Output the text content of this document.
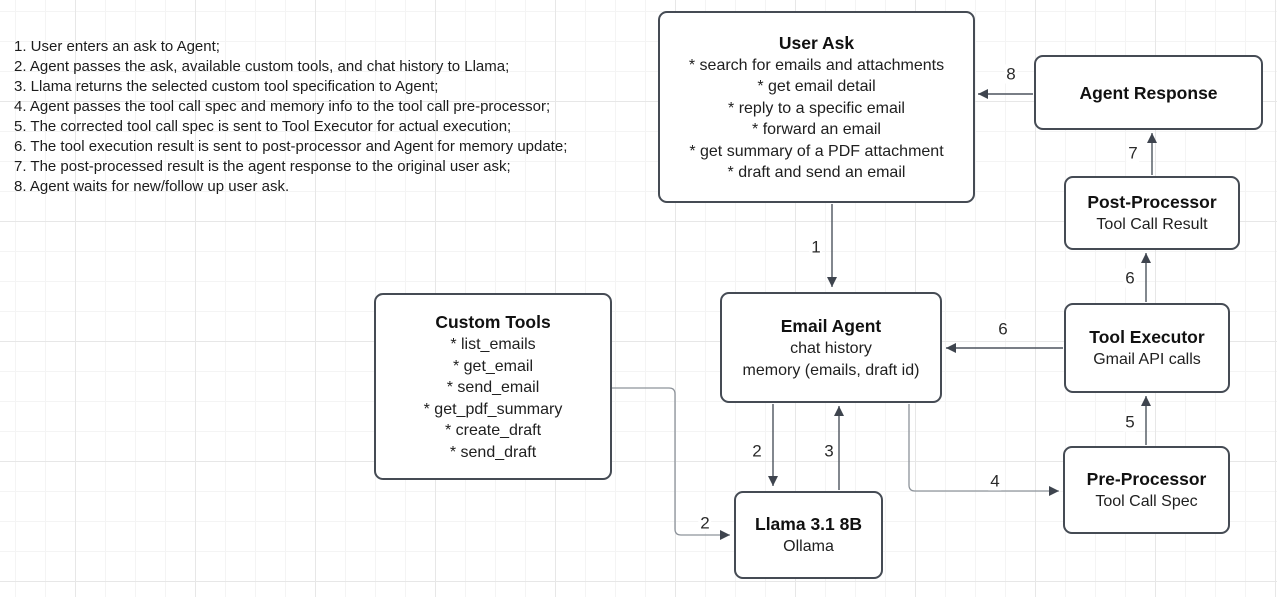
1. User enters an ask to Agent;
2. Agent passes the ask, available custom tools, and chat history to Llama;
3. Llama returns the selected custom tool specification to Agent;
4. Agent passes the tool call spec and memory info to the tool call pre-processor;
5. The corrected tool call spec is sent to Tool Executor for actual execution;
6. The tool execution result is sent to post-processor and Agent for memory update;
7. The post-processed result is the agent response to the original user ask;
8. Agent waits for new/follow up user ask.
1
2
2
3
4
5
6
6
7
8
User Ask
* search for emails and attachments
* get email detail
* reply to a specific email
* forward an email
* get summary of a PDF attachment
* draft and send an email
Agent Response
Post-Processor
Tool Call Result
Tool Executor
Gmail API calls
Pre-Processor
Tool Call Spec
Email Agent
chat history
memory (emails, draft id)
Custom Tools
* list_emails
* get_email
* send_email
* get_pdf_summary
* create_draft
* send_draft
Llama 3.1 8B
Ollama
